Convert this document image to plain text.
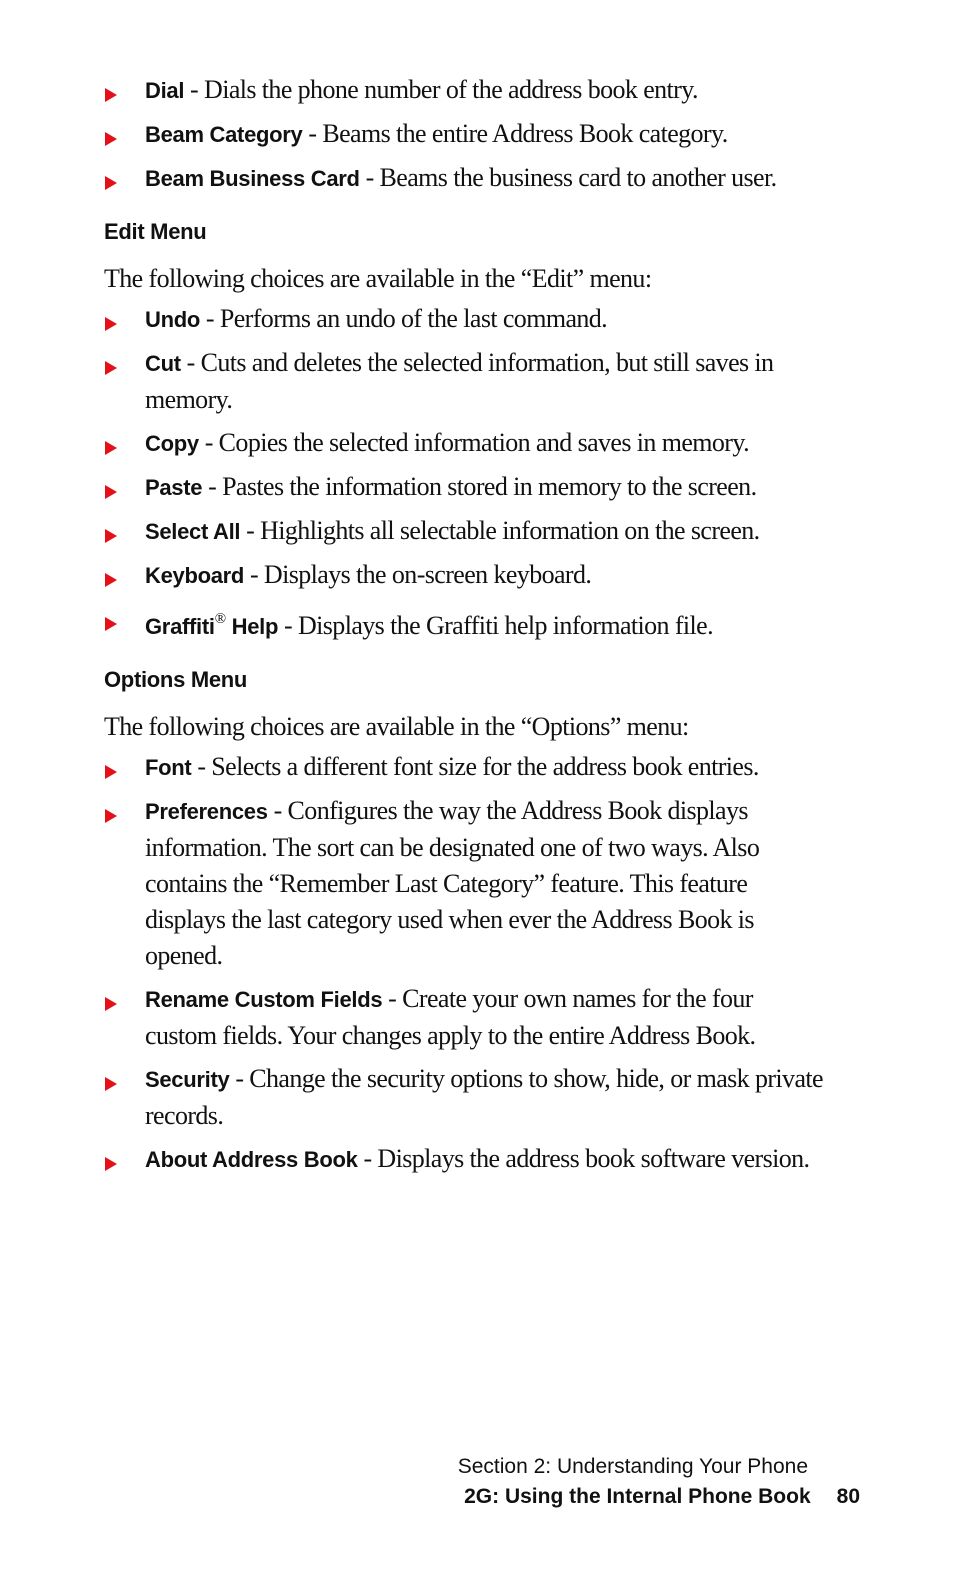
Dial - Dials the phone number of the address book entry.
Beam Category - Beams the entire Address Book category.
Beam Business Card - Beams the business card to another user.
Edit Menu

The following choices are available in the “Edit” menu:

Undo - Performs an undo of the last command.
Cut - Cuts and deletes the selected information, but still saves in memory.
Copy - Copies the selected information and saves in memory.
Paste - Pastes the information stored in memory to the screen.
Select All - Highlights all selectable information on the screen.
Keyboard - Displays the on-screen keyboard.
Graffiti® Help - Displays the Graffiti help information file.
Options Menu

The following choices are available in the “Options” menu:

Font - Selects a different font size for the address book entries.
Preferences - Configures the way the Address Book displays information. The sort can be designated one of two ways. Also contains the “Remember Last Category” feature. This feature displays the last category used when ever the Address Book is opened.
Rename Custom Fields - Create your own names for the four custom fields. Your changes apply to the entire Address Book.
Security - Change the security options to show, hide, or mask private records.
About Address Book - Displays the address book software version.
Section 2: Understanding Your Phone
2G: Using the Internal Phone Book 80
